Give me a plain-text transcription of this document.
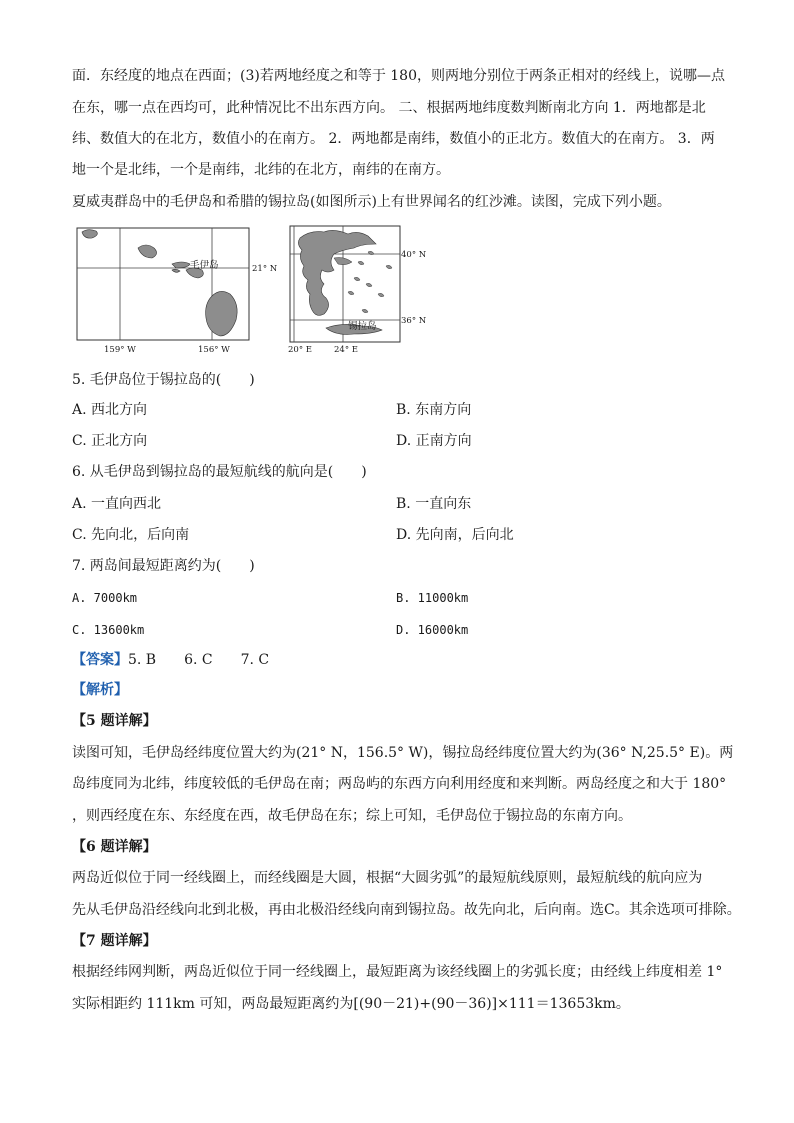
面．东经度的地点在西面；(3)若两地经度之和等于 180，则两地分别位于两条正相对的经线上，说哪—点
在东，哪一点在西均可，此种情况比不出东西方向。 二、根据两地纬度数判断南北方向 1．两地都是北
纬、数值大的在北方，数值小的在南方。 2．两地都是南纬，数值小的正北方。数值大的在南方。 3．两
地一个是北纬，一个是南纬，北纬的在北方，南纬的在南方。
夏威夷群岛中的毛伊岛和希腊的锡拉岛(如图所示)上有世界闻名的红沙滩。读图，完成下列小题。
毛伊岛	21° N
159° W	156° W
锡拉岛
40° N
36° N
20° E	24° E
5. 毛伊岛位于锡拉岛的(　　)
A. 西北方向	B. 东南方向
C. 正北方向	D. 正南方向
6. 从毛伊岛到锡拉岛的最短航线的航向是(　　)
A. 一直向西北	B. 一直向东
C. 先向北，后向南	D. 先向南，后向北
7. 两岛间最短距离约为(　　)
A. 7000km	B. 11000km
C. 13600km	D. 16000km
【答案】5. B　　6. C　　7. C
【解析】
【5 题详解】
读图可知，毛伊岛经纬度位置大约为(21° N，156.5° W)，锡拉岛经纬度位置大约为(36° N,25.5° E)。两
岛纬度同为北纬，纬度较低的毛伊岛在南；两岛屿的东西方向利用经度和来判断。两岛经度之和大于 180°
，则西经度在东、东经度在西，故毛伊岛在东；综上可知，毛伊岛位于锡拉岛的东南方向。
【6 题详解】
两岛近似位于同一经线圈上，而经线圈是大圆，根据“大圆劣弧”的最短航线原则，最短航线的航向应为
先从毛伊岛沿经线向北到北极，再由北极沿经线向南到锡拉岛。故先向北，后向南。选C。其余选项可排除。
【7 题详解】
根据经纬网判断，两岛近似位于同一经线圈上，最短距离为该经线圈上的劣弧长度；由经线上纬度相差 1°
实际相距约 111km 可知，两岛最短距离约为[(90－21)+(90－36)]×111＝13653km。
